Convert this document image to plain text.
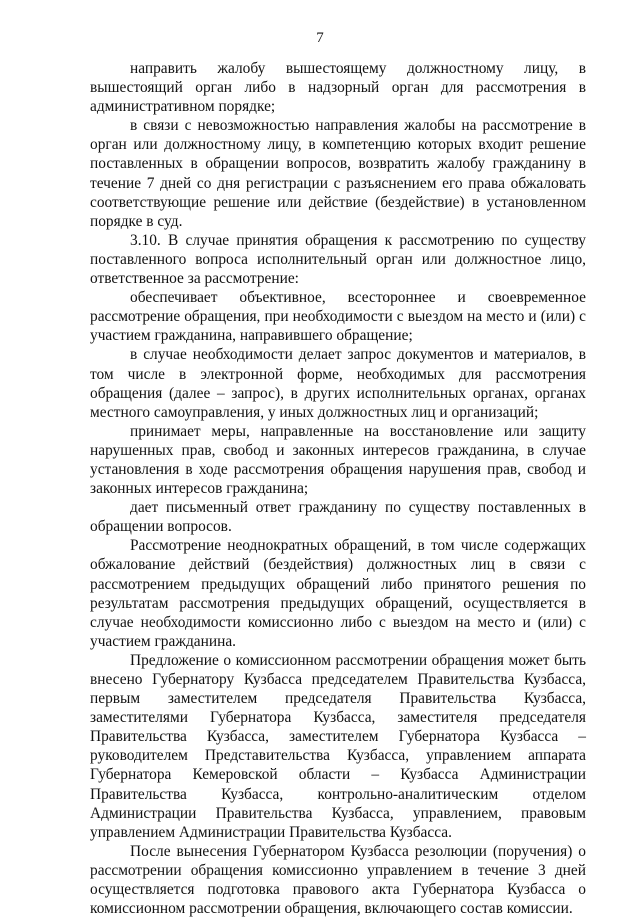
7

направить жалобу вышестоящему должностному лицу, в вышестоящий орган либо в надзорный орган для рассмотрения в административном порядке;

в связи с невозможностью направления жалобы на рассмотрение в орган или должностному лицу, в компетенцию которых входит решение поставленных в обращении вопросов, возвратить жалобу гражданину в течение 7 дней со дня регистрации с разъяснением его права обжаловать соответствующие решение или действие (бездействие) в установленном порядке в суд.

3.10. В случае принятия обращения к рассмотрению по существу поставленного вопроса исполнительный орган или должностное лицо, ответственное за рассмотрение:

обеспечивает объективное, всестороннее и своевременное рассмотрение обращения, при необходимости с выездом на место и (или) с участием гражданина, направившего обращение;

в случае необходимости делает запрос документов и материалов, в том числе в электронной форме, необходимых для рассмотрения обращения (далее – запрос), в других исполнительных органах, органах местного самоуправления, у иных должностных лиц и организаций;

принимает меры, направленные на восстановление или защиту нарушенных прав, свобод и законных интересов гражданина, в случае установления в ходе рассмотрения обращения нарушения прав, свобод и законных интересов гражданина;

дает письменный ответ гражданину по существу поставленных в обращении вопросов.

Рассмотрение неоднократных обращений, в том числе содержащих обжалование действий (бездействия) должностных лиц в связи с рассмотрением предыдущих обращений либо принятого решения по результатам рассмотрения предыдущих обращений, осуществляется в случае необходимости комиссионно либо с выездом на место и (или) с участием гражданина.

Предложение о комиссионном рассмотрении обращения может быть внесено Губернатору Кузбасса председателем Правительства Кузбасса, первым заместителем председателя Правительства Кузбасса, заместителями Губернатора Кузбасса, заместителя председателя Правительства Кузбасса, заместителем Губернатора Кузбасса – руководителем Представительства Кузбасса, управлением аппарата Губернатора Кемеровской области – Кузбасса Администрации Правительства Кузбасса, контрольно-аналитическим отделом Администрации Правительства Кузбасса, управлением, правовым управлением Администрации Правительства Кузбасса.

После вынесения Губернатором Кузбасса резолюции (поручения) о рассмотрении обращения комиссионно управлением в течение 3 дней осуществляется подготовка правового акта Губернатора Кузбасса о комиссионном рассмотрении обращения, включающего состав комиссии.
